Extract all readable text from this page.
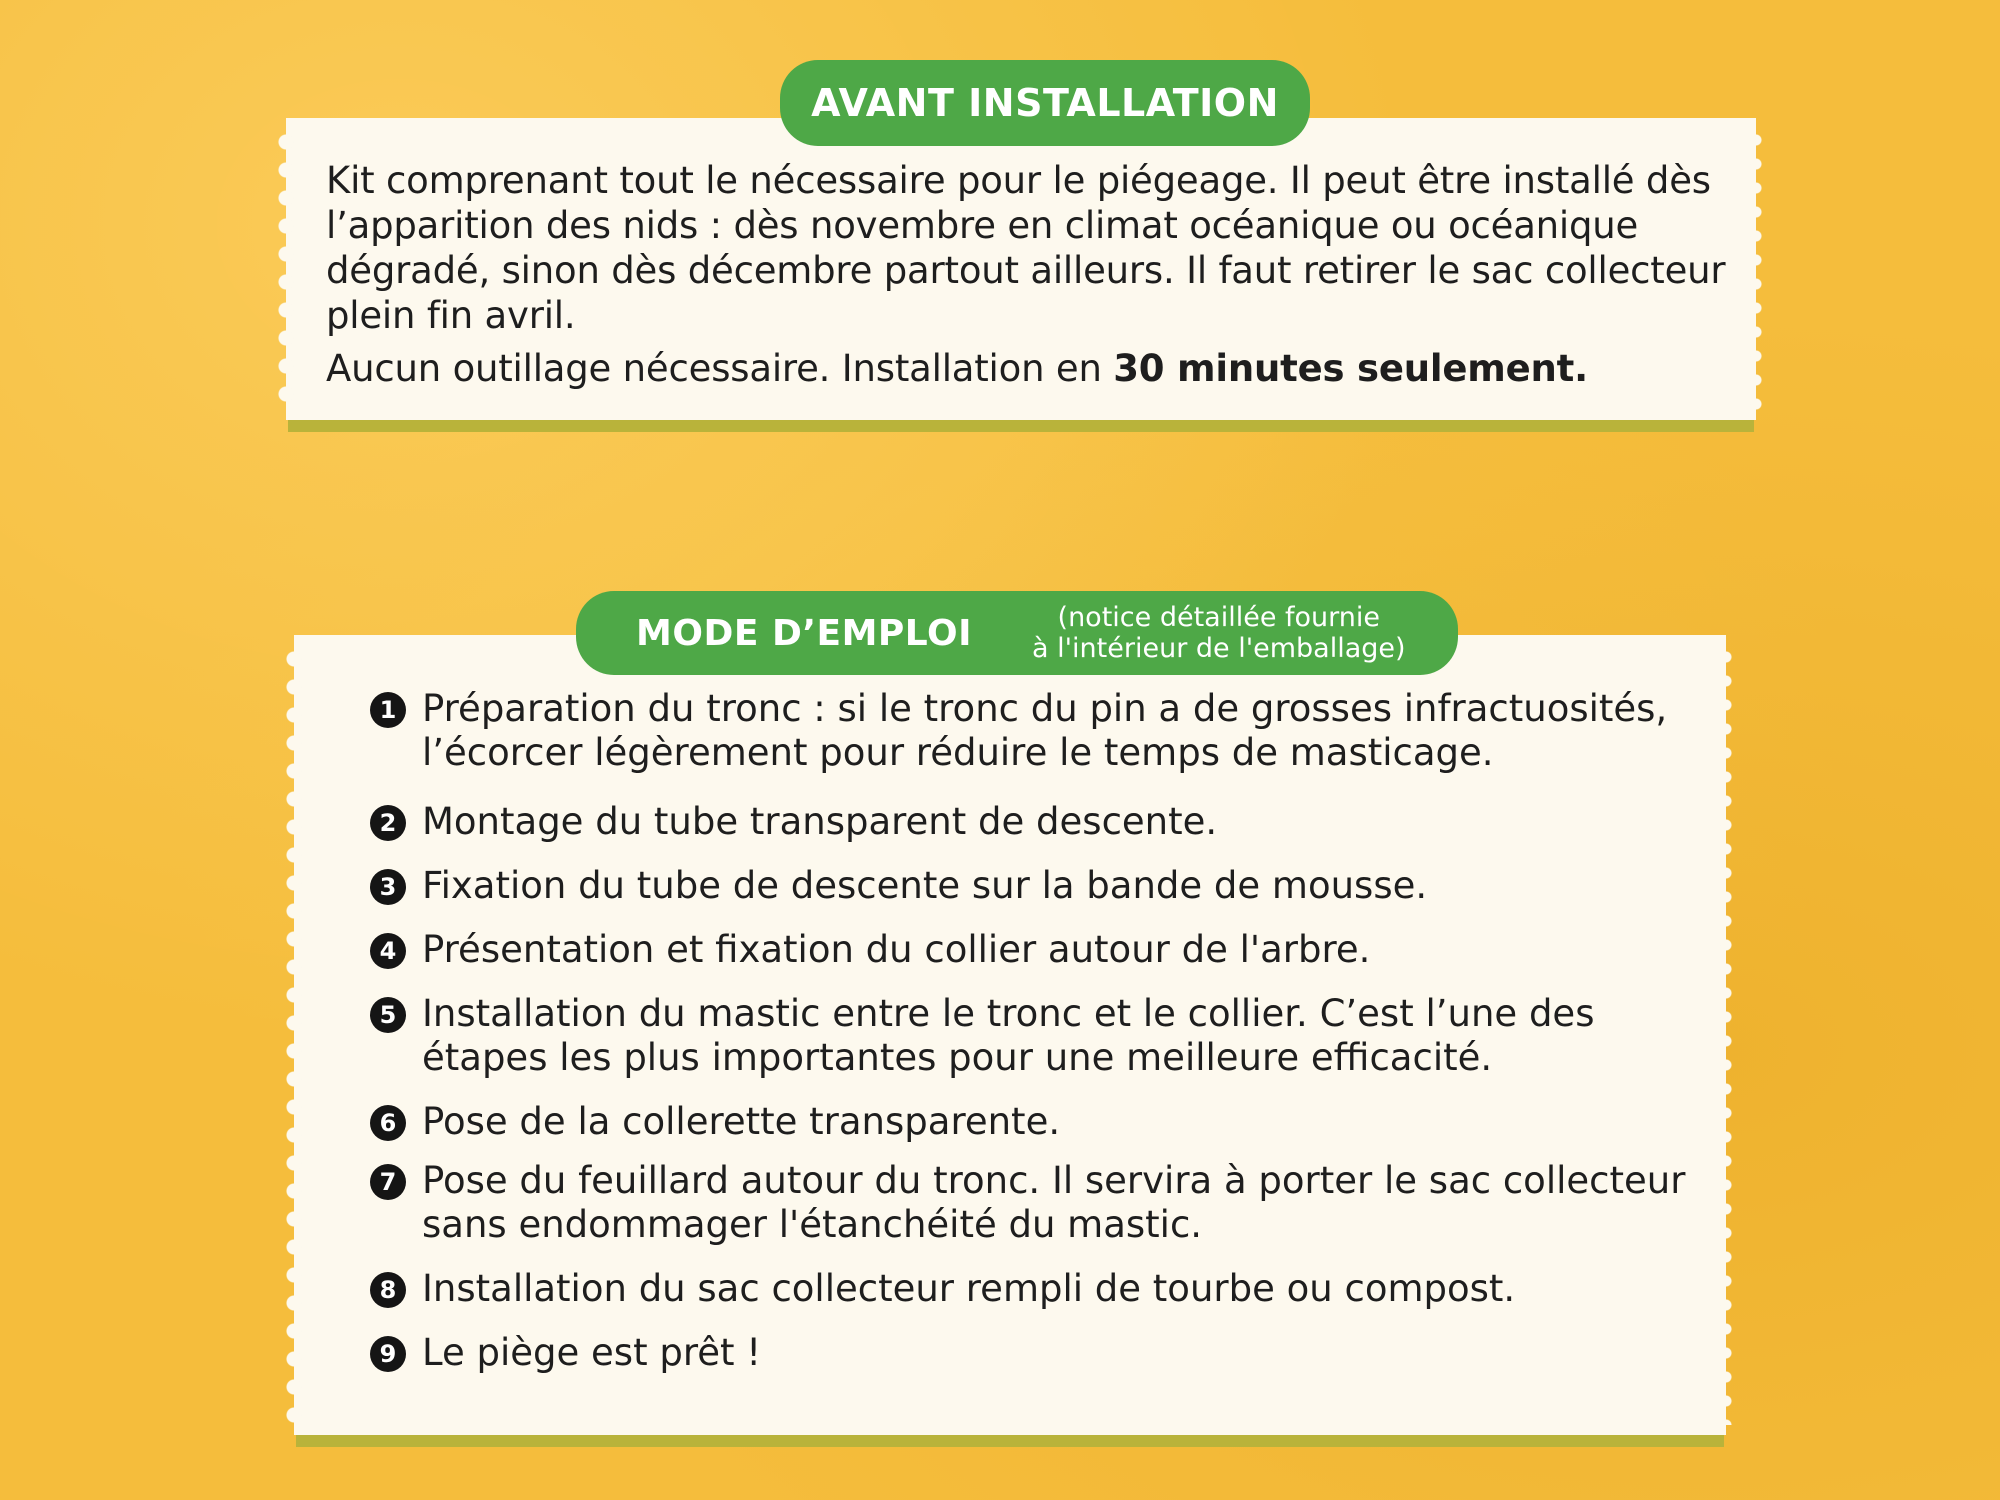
AVANT INSTALLATION

Kit comprenant tout le nécessaire pour le piégeage. Il peut être installé dès l’apparition des nids : dès novembre en climat océanique ou océanique dégradé, sinon dès décembre partout ailleurs. Il faut retirer le sac collecteur plein fin avril.

Aucun outillage nécessaire. Installation en 30 minutes seulement.

MODE D’EMPLOI	(notice détaillée fournie
à l'intérieur de l'emballage)
1 Préparation du tronc : si le tronc du pin a de grosses infractuosités, l’écorcer légèrement pour réduire le temps de masticage.
2 Montage du tube transparent de descente.
3 Fixation du tube de descente sur la bande de mousse.
4 Présentation et fixation du collier autour de l'arbre.
5 Installation du mastic entre le tronc et le collier. C’est l’une des étapes les plus importantes pour une meilleure efficacité.
6 Pose de la collerette transparente.
7 Pose du feuillard autour du tronc. Il servira à porter le sac collecteur sans endommager l'étanchéité du mastic.
8 Installation du sac collecteur rempli de tourbe ou compost.
9 Le piège est prêt !
